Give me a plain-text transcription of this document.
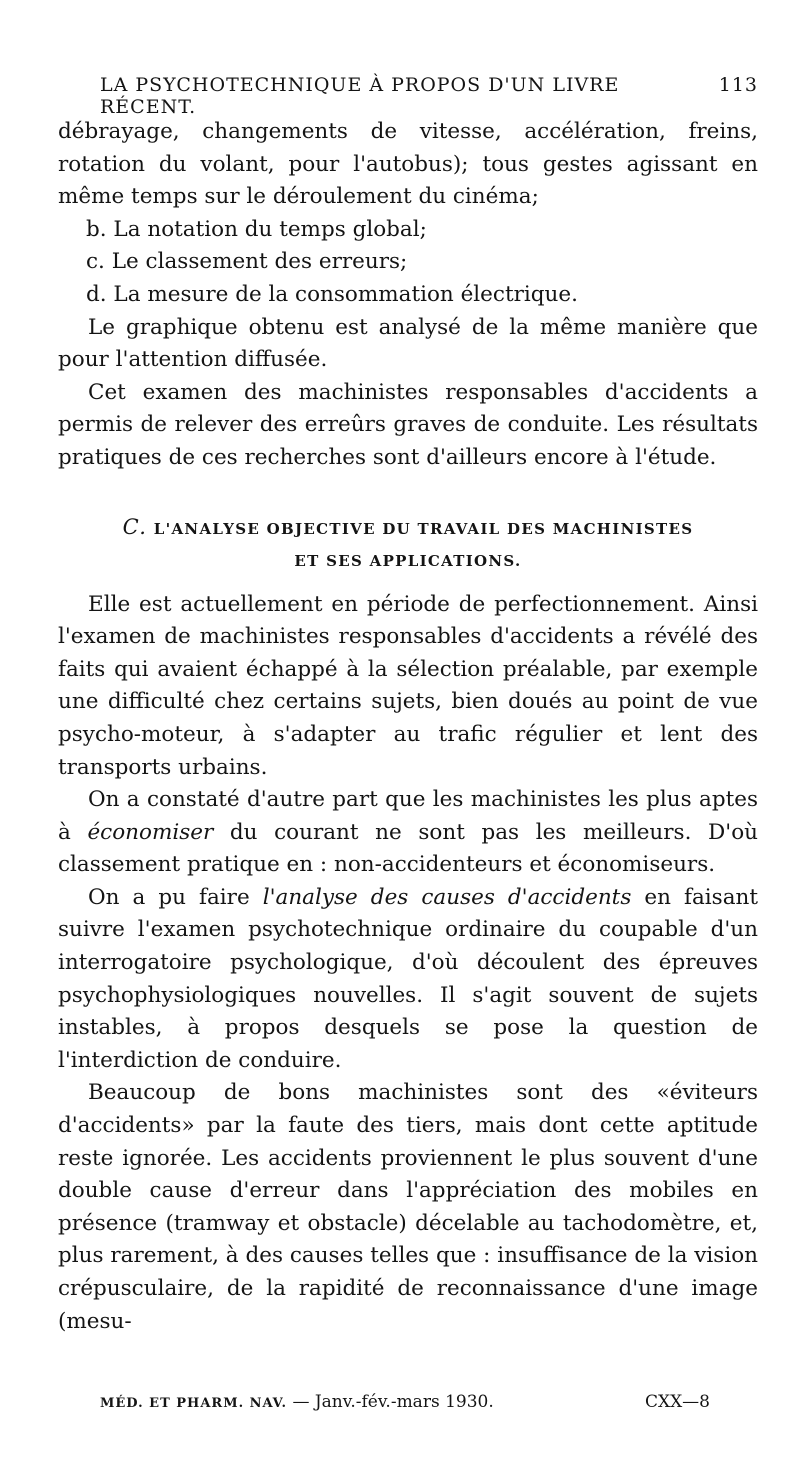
LA PSYCHOTECHNIQUE À PROPOS D'UN LIVRE RÉCENT.
113

débrayage, changements de vitesse, accélération, freins, rotation du volant, pour l'autobus); tous gestes agissant en même temps sur le déroulement du cinéma;

b. La notation du temps global;

c. Le classement des erreurs;

d. La mesure de la consommation électrique.

Le graphique obtenu est analysé de la même manière que pour l'attention diffusée.

Cet examen des machinistes responsables d'accidents a permis de relever des erreûrs graves de conduite. Les résultats pratiques de ces recherches sont d'ailleurs encore à l'étude.

C. L'ANALYSE OBJECTIVE DU TRAVAIL DES MACHINISTES
ET SES APPLICATIONS.

Elle est actuellement en période de perfectionnement. Ainsi l'examen de machinistes responsables d'accidents a révélé des faits qui avaient échappé à la sélection préalable, par exemple une difficulté chez certains sujets, bien doués au point de vue psycho-moteur, à s'adapter au trafic régulier et lent des transports urbains.

On a constaté d'autre part que les machinistes les plus aptes à économiser du courant ne sont pas les meilleurs. D'où classement pratique en : non-accidenteurs et économiseurs.

On a pu faire l'analyse des causes d'accidents en faisant suivre l'examen psychotechnique ordinaire du coupable d'un interrogatoire psychologique, d'où découlent des épreuves psychophysiologiques nouvelles. Il s'agit souvent de sujets instables, à propos desquels se pose la question de l'interdiction de conduire.

Beaucoup de bons machinistes sont des «éviteurs d'accidents» par la faute des tiers, mais dont cette aptitude reste ignorée. Les accidents proviennent le plus souvent d'une double cause d'erreur dans l'appréciation des mobiles en présence (tramway et obstacle) décelable au tachodomètre, et, plus rarement, à des causes telles que : insuffisance de la vision crépusculaire, de la rapidité de reconnaissance d'une image (mesu-

MÉD. ET PHARM. NAV. — Janv.-fév.-mars 1930.	CXX—8
